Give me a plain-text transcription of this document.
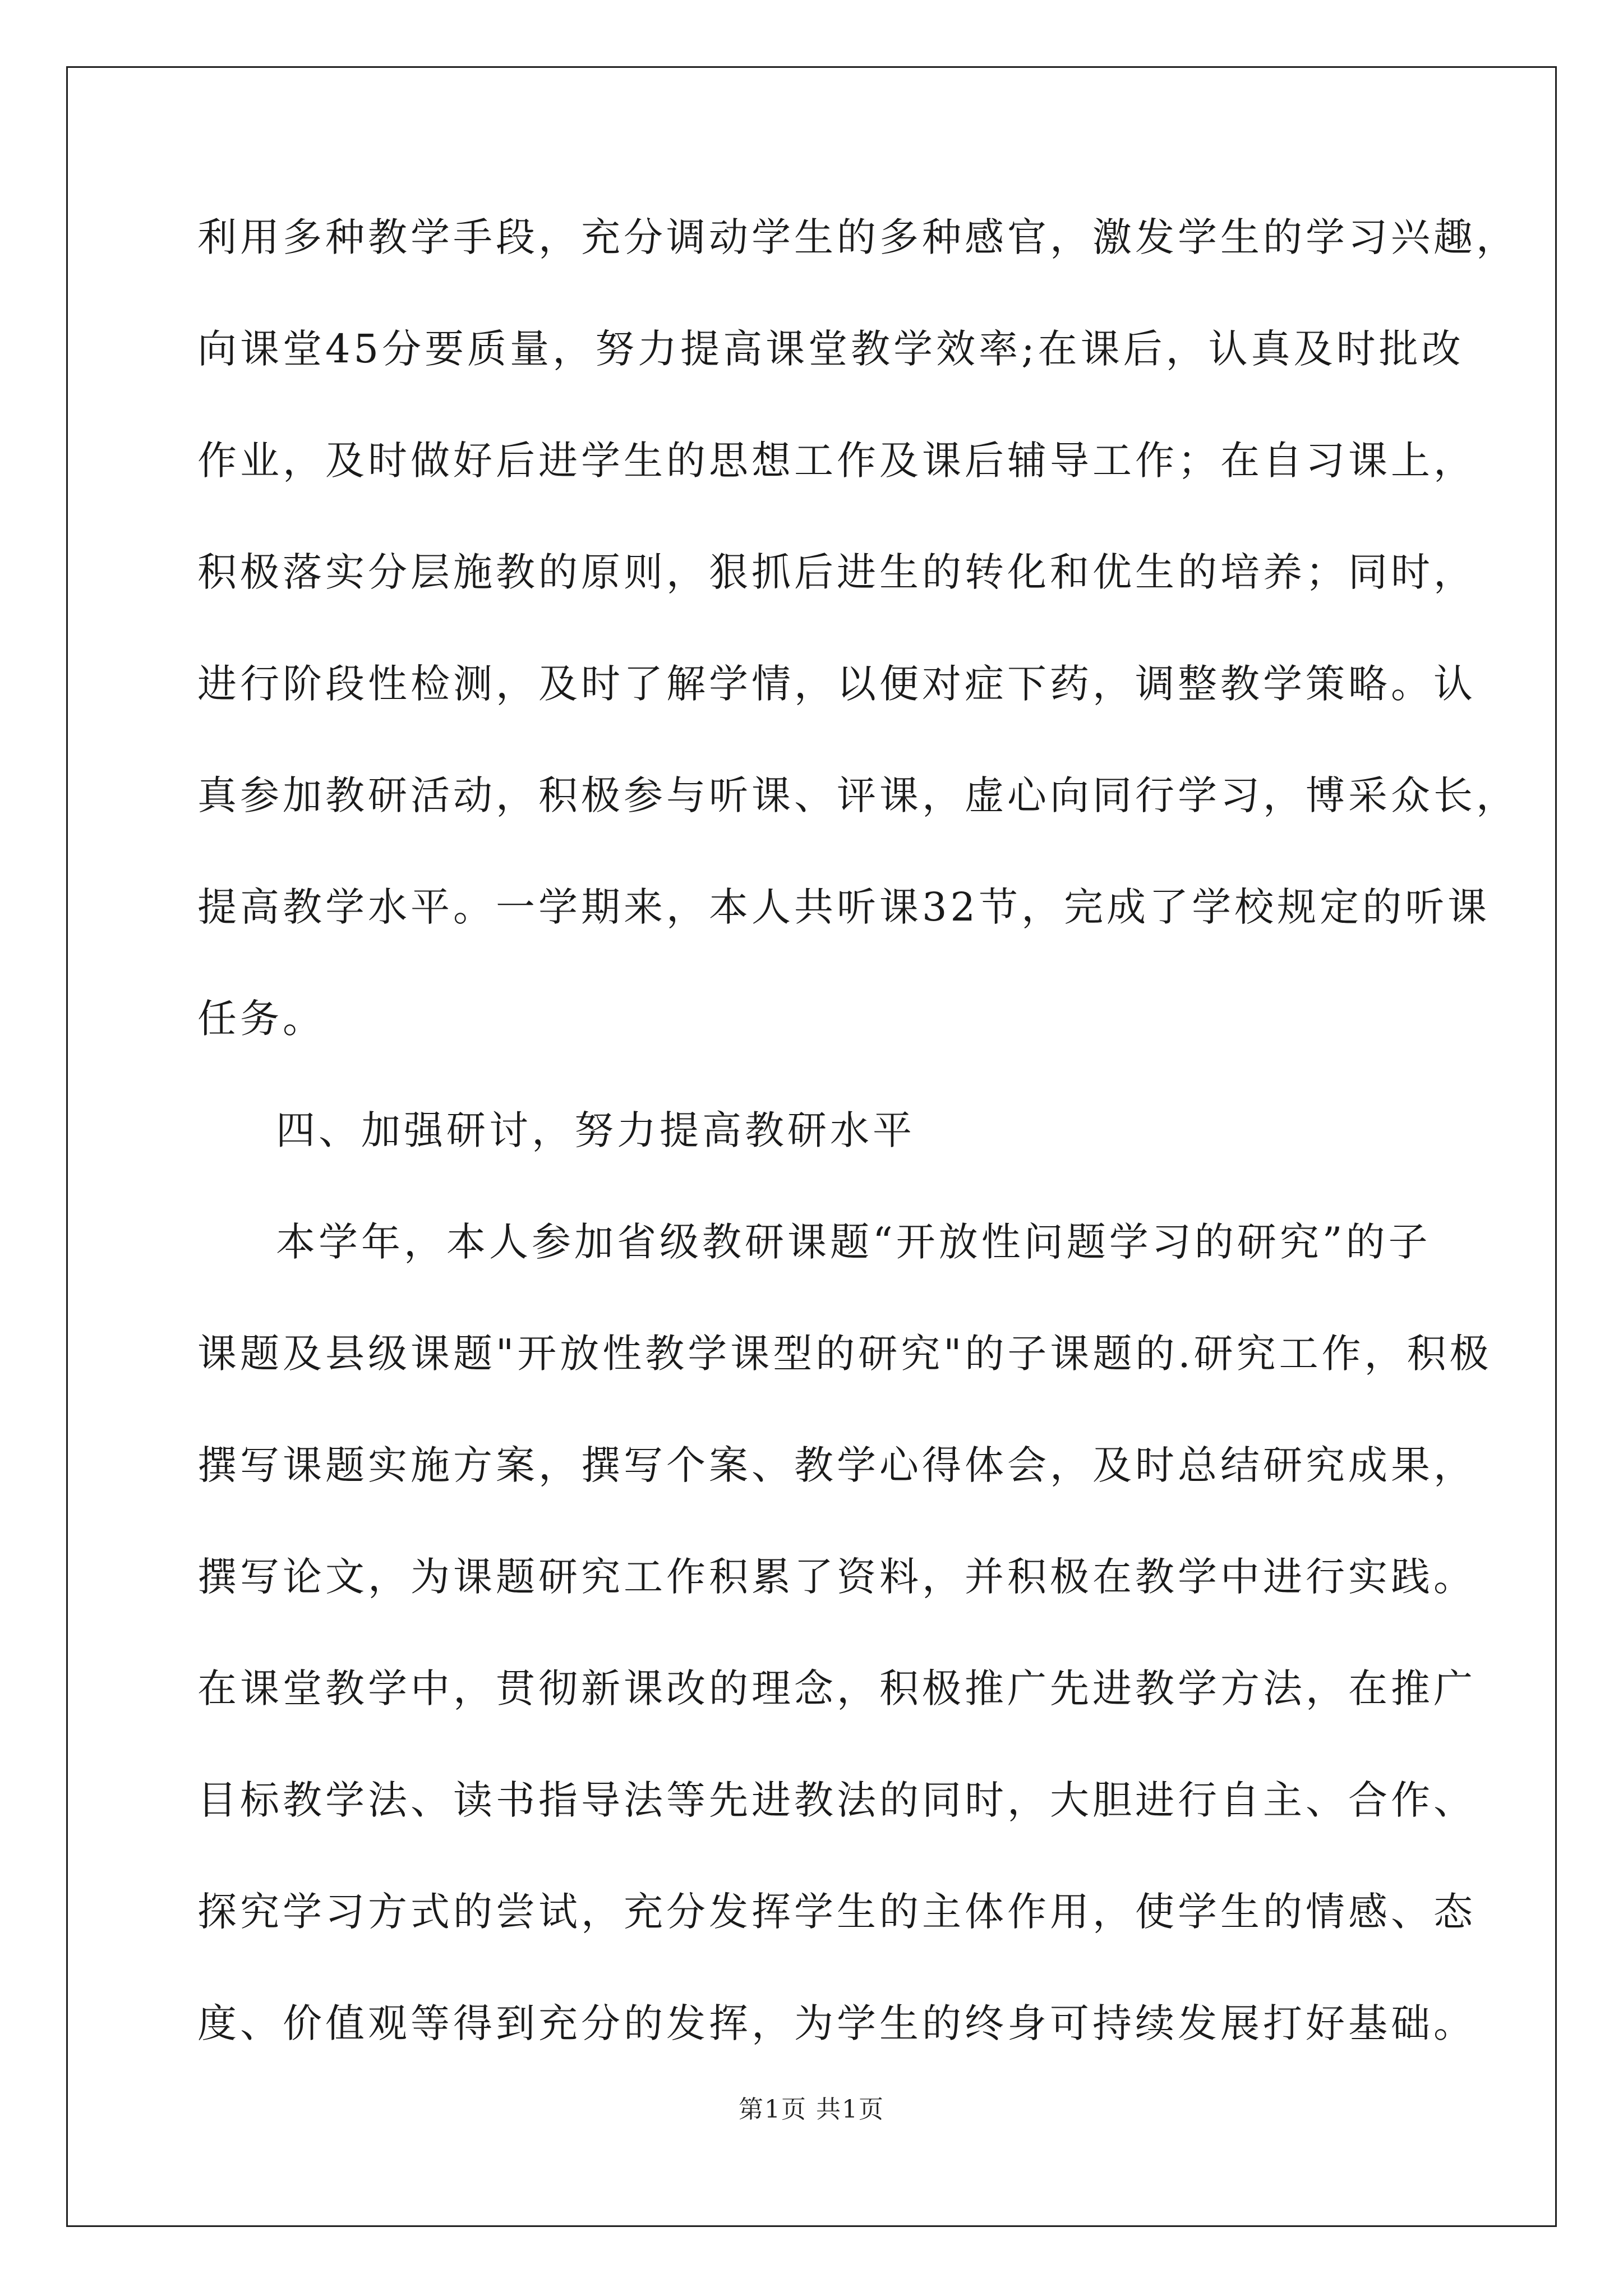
利用多种教学手段，充分调动学生的多种感官，激发学生的学习兴趣，
向课堂45分要质量，努力提高课堂教学效率;在课后，认真及时批改
作业，及时做好后进学生的思想工作及课后辅导工作；在自习课上，
积极落实分层施教的原则，狠抓后进生的转化和优生的培养；同时，
进行阶段性检测，及时了解学情，以便对症下药，调整教学策略。认
真参加教研活动，积极参与听课、评课，虚心向同行学习，博采众长，
提高教学水平。一学期来，本人共听课32节，完成了学校规定的听课
任务。
四、加强研讨，努力提高教研水平
本学年，本人参加省级教研课题“开放性问题学习的研究”的子
课题及县级课题"开放性教学课型的研究"的子课题的.研究工作，积极
撰写课题实施方案，撰写个案、教学心得体会，及时总结研究成果，
撰写论文，为课题研究工作积累了资料，并积极在教学中进行实践。
在课堂教学中，贯彻新课改的理念，积极推广先进教学方法，在推广
目标教学法、读书指导法等先进教法的同时，大胆进行自主、合作、
探究学习方式的尝试，充分发挥学生的主体作用，使学生的情感、态
度、价值观等得到充分的发挥，为学生的终身可持续发展打好基础。
第1页 共1页
